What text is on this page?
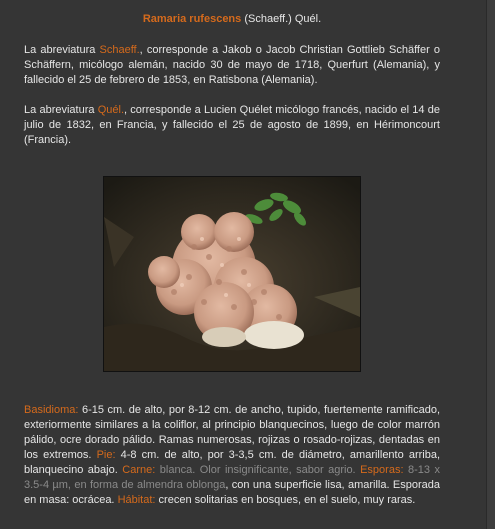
Ramaria rufescens (Schaeff.) Quél.

La abreviatura Schaeff., corresponde a Jakob o Jacob Christian Gottlieb Schäffer o Schäffern, micólogo alemán, nacido 30 de mayo de 1718, Querfurt (Alemania), y fallecido el 25 de febrero de 1853, en Ratisbona (Alemania).

La abreviatura Quél., corresponde a Lucien Quélet micólogo francés, nacido el 14 de julio de 1832, en Francia, y fallecido el 25 de agosto de 1899, en Hérimoncourt (Francia).

Basidioma: 6-15 cm. de alto, por 8-12 cm. de ancho, tupido, fuertemente ramificado, exteriormente similares a la coliflor, al principio blanquecinos, luego de color marrón pálido, ocre dorado pálido. Ramas numerosas, rojizas o rosado-rojizas, dentadas en los extremos. Pie: 4-8 cm. de alto, por 3-3,5 cm. de diámetro, amarillento arriba, blanquecino abajo. Carne: blanca. Olor insignificante, sabor agrio. Esporas: 8-13 x 3.5-4 µm, en forma de almendra oblonga, con una superficie lisa, amarilla. Esporada en masa: ocrácea. Hábitat: crecen solitarias en bosques, en el suelo, muy raras.
